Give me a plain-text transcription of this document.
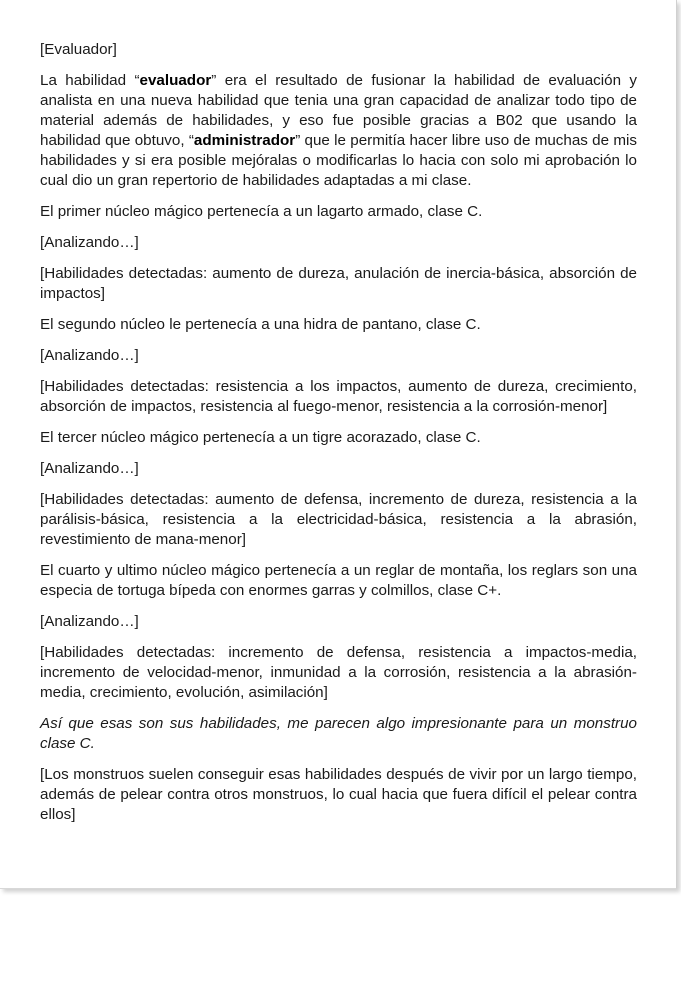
[Evaluador]

La habilidad “evaluador” era el resultado de fusionar la habilidad de evaluación y analista en una nueva habilidad que tenia una gran capacidad de analizar todo tipo de material además de habilidades, y eso fue posible gracias a B02 que usando la habilidad que obtuvo, “administrador” que le permitía hacer libre uso de muchas de mis habilidades y si era posible mejóralas o modificarlas lo hacia con solo mi aprobación lo cual dio un gran repertorio de habilidades adaptadas a mi clase.

El primer núcleo mágico pertenecía a un lagarto armado, clase C.

[Analizando…]

[Habilidades detectadas: aumento de dureza, anulación de inercia-básica, absorción de impactos]

El segundo núcleo le pertenecía a una hidra de pantano, clase C.

[Analizando…]

[Habilidades detectadas: resistencia a los impactos, aumento de dureza, crecimiento, absorción de impactos, resistencia al fuego-menor, resistencia a la corrosión-menor]

El tercer núcleo mágico pertenecía a un tigre acorazado, clase C.

[Analizando…]

[Habilidades detectadas: aumento de defensa, incremento de dureza, resistencia a la parálisis-básica, resistencia a la electricidad-básica, resistencia a la abrasión, revestimiento de mana-menor]

El cuarto y ultimo núcleo mágico pertenecía a un reglar de montaña, los reglars son una especia de tortuga bípeda con enormes garras y colmillos, clase C+.

[Analizando…]

[Habilidades detectadas: incremento de defensa, resistencia a impactos-media, incremento de velocidad-menor, inmunidad a la corrosión, resistencia a la abrasión-media, crecimiento, evolución, asimilación]

Así que esas son sus habilidades, me parecen algo impresionante para un monstruo clase C.

[Los monstruos suelen conseguir esas habilidades después de vivir por un largo tiempo, además de pelear contra otros monstruos, lo cual hacia que fuera difícil el pelear contra ellos]
